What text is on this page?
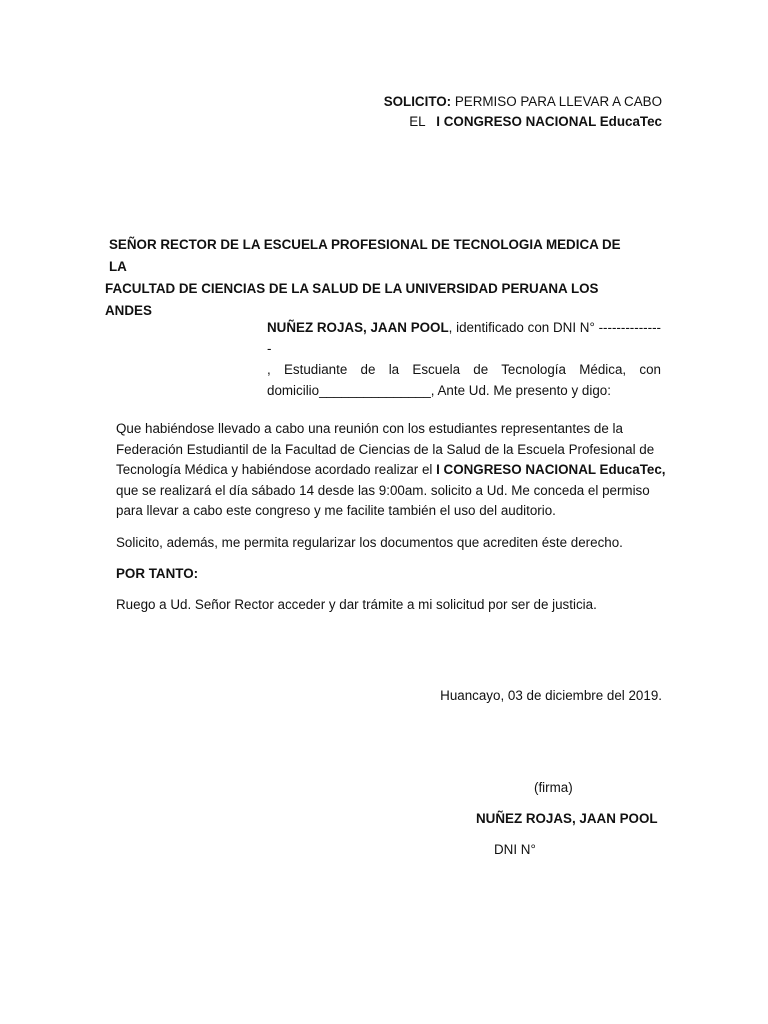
SOLICITO: PERMISO PARA LLEVAR A CABO
EL   I CONGRESO NACIONAL EducaTec
SEÑOR RECTOR DE LA ESCUELA PROFESIONAL DE TECNOLOGIA MEDICA DE LA
FACULTAD DE CIENCIAS DE LA SALUD DE LA UNIVERSIDAD PERUANA LOS ANDES
NUÑEZ ROJAS, JAAN POOL, identificado con DNI N° ---------------
, Estudiante de la Escuela de Tecnología Médica, con
domicilio_______________, Ante Ud. Me presento y digo:
Que habiéndose llevado a cabo una reunión con los estudiantes representantes de la
Federación Estudiantil de la Facultad de Ciencias de la Salud de la Escuela Profesional de
Tecnología Médica y habiéndose acordado realizar el I CONGRESO NACIONAL EducaTec,
que se realizará el día sábado 14 desde las 9:00am. solicito a Ud. Me conceda el permiso
para llevar a cabo este congreso y me facilite también el uso del auditorio.

Solicito, además, me permita regularizar los documentos que acrediten éste derecho.

POR TANTO:

Ruego a Ud. Señor Rector acceder y dar trámite a mi solicitud por ser de justicia.

Huancayo, 03 de diciembre del 2019.
(firma)
NUÑEZ ROJAS, JAAN POOL
DNI N°
